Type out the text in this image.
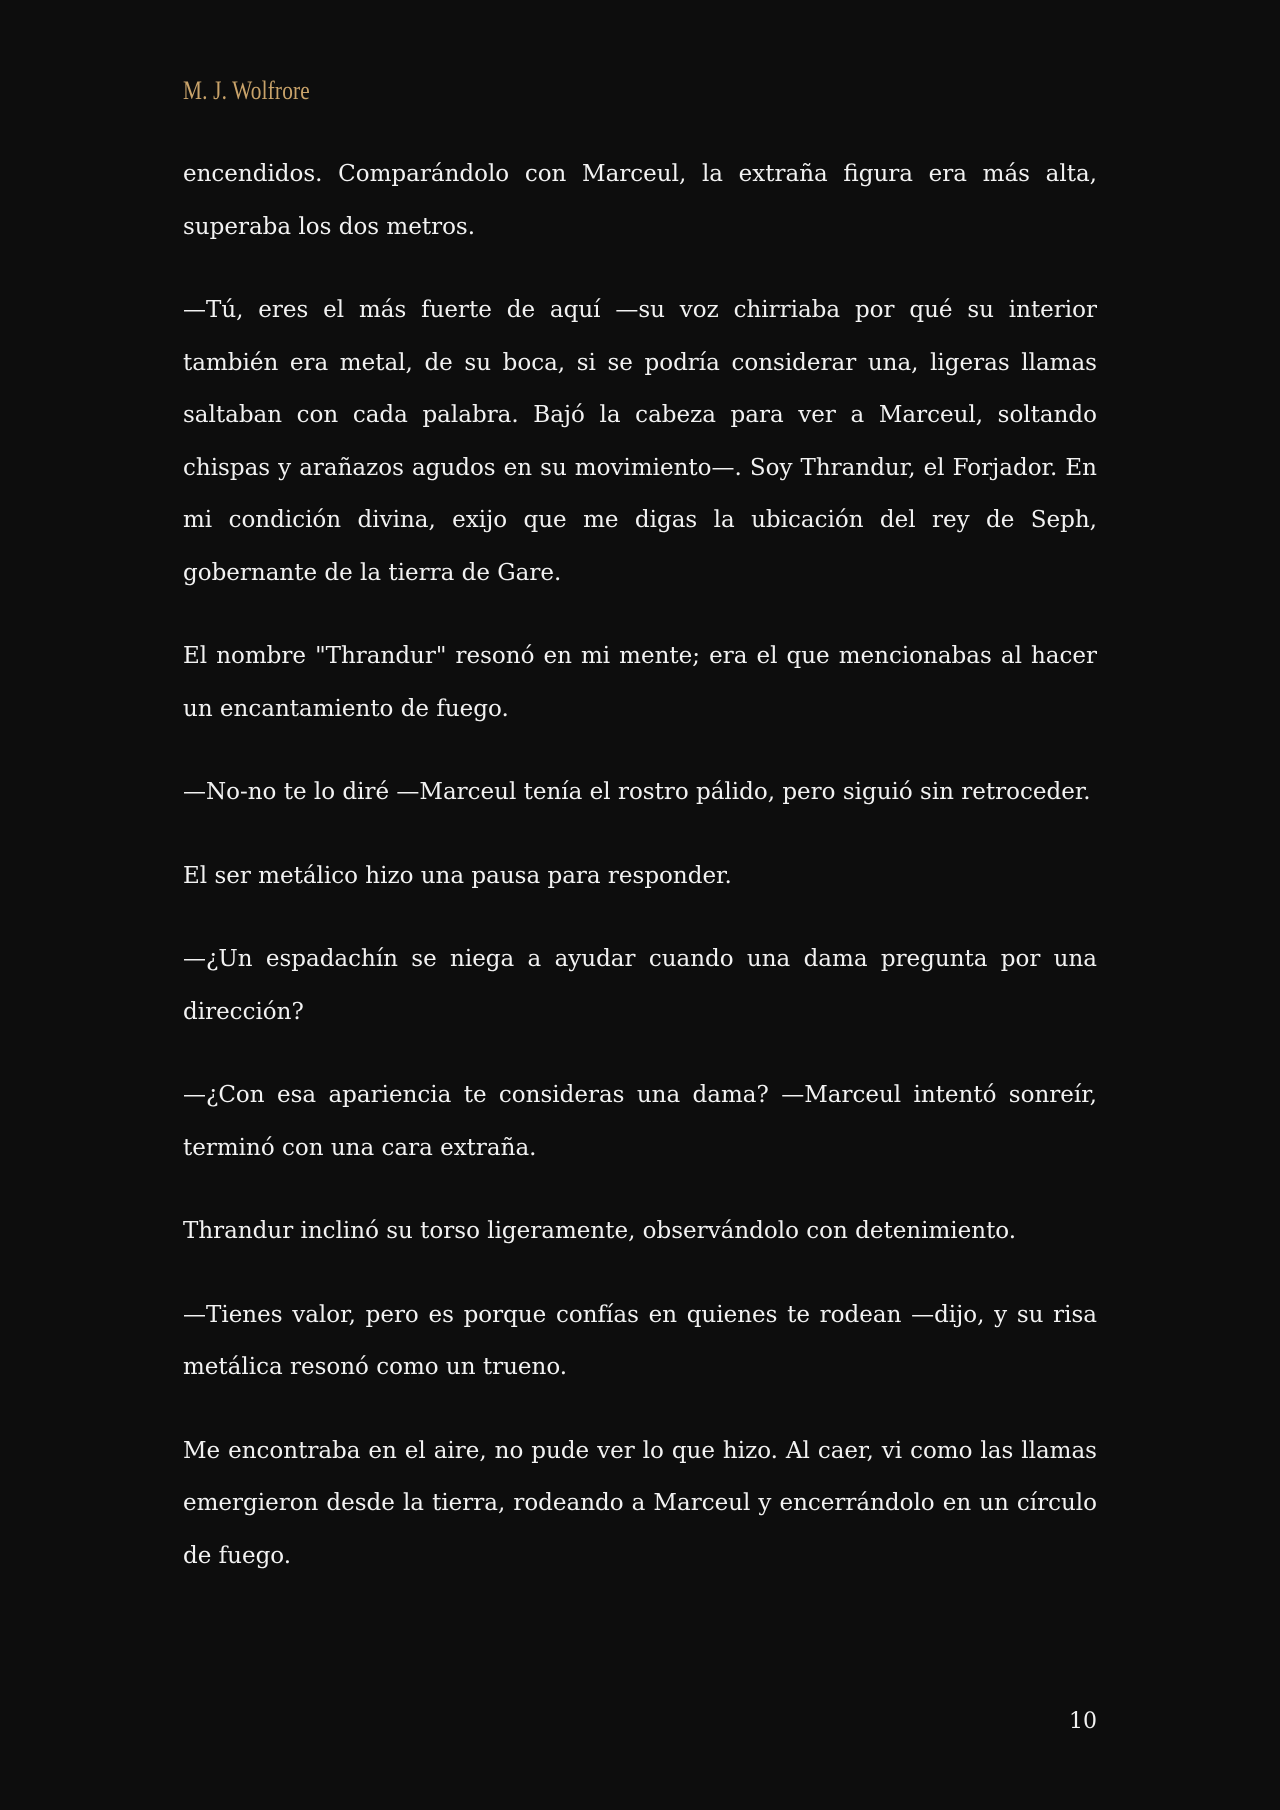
M. J. Wolfrore

encendidos. Comparándolo con Marceul, la extraña figura era más alta, superaba los dos metros.

—Tú, eres el más fuerte de aquí —su voz chirriaba por qué su interior también era metal, de su boca, si se podría considerar una, ligeras llamas saltaban con cada palabra. Bajó la cabeza para ver a Marceul, soltando chispas y arañazos agudos en su movimiento—. Soy Thrandur, el Forjador. En mi condición divina, exijo que me digas la ubicación del rey de Seph, gobernante de la tierra de Gare.

El nombre "Thrandur" resonó en mi mente; era el que mencionabas al hacer un encantamiento de fuego.

—No-no te lo diré —Marceul tenía el rostro pálido, pero siguió sin retroceder.

El ser metálico hizo una pausa para responder.

—¿Un espadachín se niega a ayudar cuando una dama pregunta por una dirección?

—¿Con esa apariencia te consideras una dama? —Marceul intentó sonreír, terminó con una cara extraña.

Thrandur inclinó su torso ligeramente, observándolo con detenimiento.

—Tienes valor, pero es porque confías en quienes te rodean —dijo, y su risa metálica resonó como un trueno.

Me encontraba en el aire, no pude ver lo que hizo. Al caer, vi como las llamas emergieron desde la tierra, rodeando a Marceul y encerrándolo en un círculo de fuego.

10
